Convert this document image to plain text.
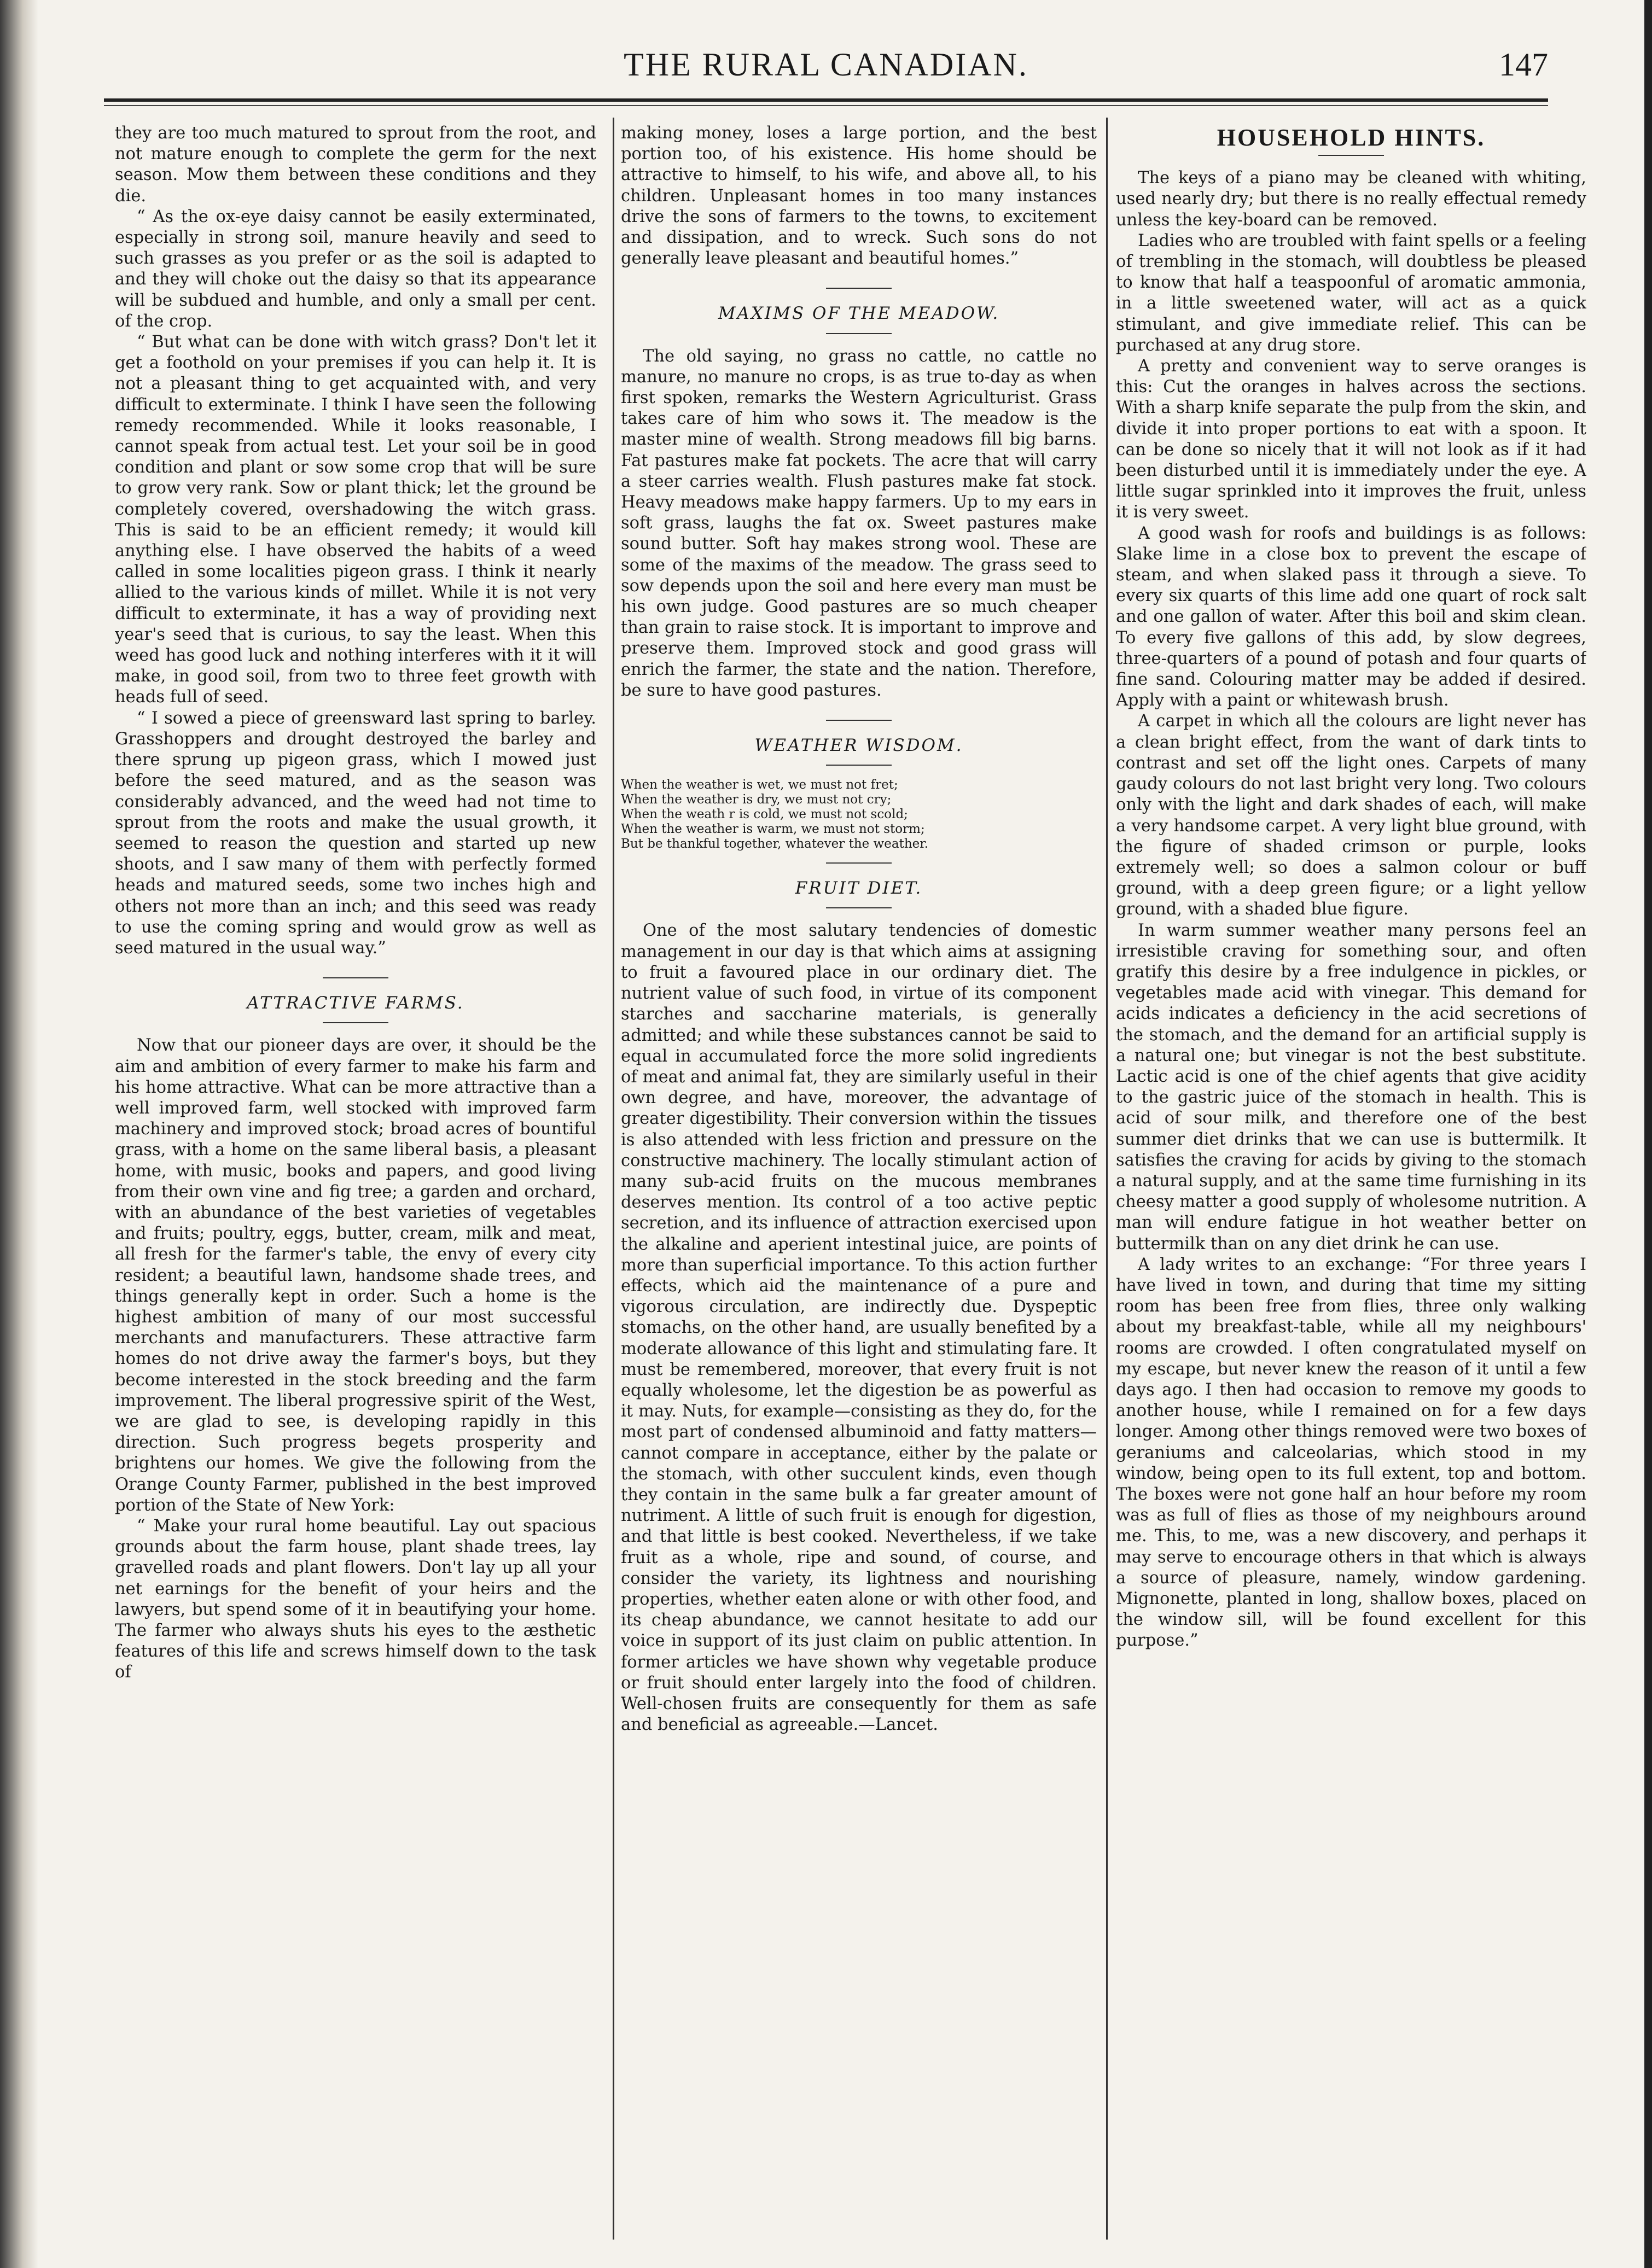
THE RURAL CANADIAN.	147

they are too much matured to sprout from the root, and not mature enough to complete the germ for the next season. Mow them between these conditions and they die.

“ As the ox-eye daisy cannot be easily exterminated, especially in strong soil, manure heavily and seed to such grasses as you prefer or as the soil is adapted to and they will choke out the daisy so that its appearance will be subdued and humble, and only a small per cent. of the crop.

“ But what can be done with witch grass? Don't let it get a foothold on your premises if you can help it. It is not a pleasant thing to get acquainted with, and very difficult to exterminate. I think I have seen the following remedy recommended. While it looks reasonable, I cannot speak from actual test. Let your soil be in good condition and plant or sow some crop that will be sure to grow very rank. Sow or plant thick; let the ground be completely covered, overshadowing the witch grass. This is said to be an efficient remedy; it would kill anything else. I have observed the habits of a weed called in some localities pigeon grass. I think it nearly allied to the various kinds of millet. While it is not very difficult to exterminate, it has a way of providing next year's seed that is curious, to say the least. When this weed has good luck and nothing interferes with it it will make, in good soil, from two to three feet growth with heads full of seed.

“ I sowed a piece of greensward last spring to barley. Grasshoppers and drought destroyed the barley and there sprung up pigeon grass, which I mowed just before the seed matured, and as the season was considerably advanced, and the weed had not time to sprout from the roots and make the usual growth, it seemed to reason the question and started up new shoots, and I saw many of them with perfectly formed heads and matured seeds, some two inches high and others not more than an inch; and this seed was ready to use the coming spring and would grow as well as seed matured in the usual way.”

ATTRACTIVE FARMS.

Now that our pioneer days are over, it should be the aim and ambition of every farmer to make his farm and his home attractive. What can be more attractive than a well improved farm, well stocked with improved farm machinery and improved stock; broad acres of bountiful grass, with a home on the same liberal basis, a pleasant home, with music, books and papers, and good living from their own vine and fig tree; a garden and orchard, with an abundance of the best varieties of vegetables and fruits; poultry, eggs, butter, cream, milk and meat, all fresh for the farmer's table, the envy of every city resident; a beautiful lawn, handsome shade trees, and things generally kept in order. Such a home is the highest ambition of many of our most successful merchants and manufacturers. These attractive farm homes do not drive away the farmer's boys, but they become interested in the stock breeding and the farm improvement. The liberal progressive spirit of the West, we are glad to see, is developing rapidly in this direction. Such progress begets prosperity and brightens our homes. We give the following from the Orange County Farmer, published in the best improved portion of the State of New York:

“ Make your rural home beautiful. Lay out spacious grounds about the farm house, plant shade trees, lay gravelled roads and plant flowers. Don't lay up all your net earnings for the benefit of your heirs and the lawyers, but spend some of it in beautifying your home. The farmer who always shuts his eyes to the æsthetic features of this life and screws himself down to the task of

making money, loses a large portion, and the best portion too, of his existence. His home should be attractive to himself, to his wife, and above all, to his children. Unpleasant homes in too many instances drive the sons of farmers to the towns, to excitement and dissipation, and to wreck. Such sons do not generally leave pleasant and beautiful homes.”

MAXIMS OF THE MEADOW.

The old saying, no grass no cattle, no cattle no manure, no manure no crops, is as true to-day as when first spoken, remarks the Western Agriculturist. Grass takes care of him who sows it. The meadow is the master mine of wealth. Strong meadows fill big barns. Fat pastures make fat pockets. The acre that will carry a steer carries wealth. Flush pastures make fat stock. Heavy meadows make happy farmers. Up to my ears in soft grass, laughs the fat ox. Sweet pastures make sound butter. Soft hay makes strong wool. These are some of the maxims of the meadow. The grass seed to sow depends upon the soil and here every man must be his own judge. Good pastures are so much cheaper than grain to raise stock. It is important to improve and preserve them. Improved stock and good grass will enrich the farmer, the state and the nation. Therefore, be sure to have good pastures.

WEATHER WISDOM.
When the weather is wet, we must not fret;
When the weather is dry, we must not cry;
When the weath r is cold, we must not scold;
When the weather is warm, we must not storm;
But be thankful together, whatever the weather.
FRUIT DIET.

One of the most salutary tendencies of domestic management in our day is that which aims at assigning to fruit a favoured place in our ordinary diet. The nutrient value of such food, in virtue of its component starches and saccharine materials, is generally admitted; and while these substances cannot be said to equal in accumulated force the more solid ingredients of meat and animal fat, they are similarly useful in their own degree, and have, moreover, the advantage of greater digestibility. Their conversion within the tissues is also attended with less friction and pressure on the constructive machinery. The locally stimulant action of many sub-acid fruits on the mucous membranes deserves mention. Its control of a too active peptic secretion, and its influence of attraction exercised upon the alkaline and aperient intestinal juice, are points of more than superficial importance. To this action further effects, which aid the maintenance of a pure and vigorous circulation, are indirectly due. Dyspeptic stomachs, on the other hand, are usually benefited by a moderate allowance of this light and stimulating fare. It must be remembered, moreover, that every fruit is not equally wholesome, let the digestion be as powerful as it may. Nuts, for example—consisting as they do, for the most part of condensed albuminoid and fatty matters—cannot compare in acceptance, either by the palate or the stomach, with other succulent kinds, even though they contain in the same bulk a far greater amount of nutriment. A little of such fruit is enough for digestion, and that little is best cooked. Nevertheless, if we take fruit as a whole, ripe and sound, of course, and consider the variety, its lightness and nourishing properties, whether eaten alone or with other food, and its cheap abundance, we cannot hesitate to add our voice in support of its just claim on public attention. In former articles we have shown why vegetable produce or fruit should enter largely into the food of children. Well-chosen fruits are consequently for them as safe and beneficial as agreeable.—Lancet.

HOUSEHOLD HINTS.

The keys of a piano may be cleaned with whiting, used nearly dry; but there is no really effectual remedy unless the key-board can be removed.

Ladies who are troubled with faint spells or a feeling of trembling in the stomach, will doubtless be pleased to know that half a teaspoonful of aromatic ammonia, in a little sweetened water, will act as a quick stimulant, and give immediate relief. This can be purchased at any drug store.

A pretty and convenient way to serve oranges is this: Cut the oranges in halves across the sections. With a sharp knife separate the pulp from the skin, and divide it into proper portions to eat with a spoon. It can be done so nicely that it will not look as if it had been disturbed until it is immediately under the eye. A little sugar sprinkled into it improves the fruit, unless it is very sweet.

A good wash for roofs and buildings is as follows: Slake lime in a close box to prevent the escape of steam, and when slaked pass it through a sieve. To every six quarts of this lime add one quart of rock salt and one gallon of water. After this boil and skim clean. To every five gallons of this add, by slow degrees, three-quarters of a pound of potash and four quarts of fine sand. Colouring matter may be added if desired. Apply with a paint or whitewash brush.

A carpet in which all the colours are light never has a clean bright effect, from the want of dark tints to contrast and set off the light ones. Carpets of many gaudy colours do not last bright very long. Two colours only with the light and dark shades of each, will make a very handsome carpet. A very light blue ground, with the figure of shaded crimson or purple, looks extremely well; so does a salmon colour or buff ground, with a deep green figure; or a light yellow ground, with a shaded blue figure.

In warm summer weather many persons feel an irresistible craving for something sour, and often gratify this desire by a free indulgence in pickles, or vegetables made acid with vinegar. This demand for acids indicates a deficiency in the acid secretions of the stomach, and the demand for an artificial supply is a natural one; but vinegar is not the best substitute. Lactic acid is one of the chief agents that give acidity to the gastric juice of the stomach in health. This is acid of sour milk, and therefore one of the best summer diet drinks that we can use is buttermilk. It satisfies the craving for acids by giving to the stomach a natural supply, and at the same time furnishing in its cheesy matter a good supply of wholesome nutrition. A man will endure fatigue in hot weather better on buttermilk than on any diet drink he can use.

A lady writes to an exchange: “For three years I have lived in town, and during that time my sitting room has been free from flies, three only walking about my breakfast-table, while all my neighbours' rooms are crowded. I often congratulated myself on my escape, but never knew the reason of it until a few days ago. I then had occasion to remove my goods to another house, while I remained on for a few days longer. Among other things removed were two boxes of geraniums and calceolarias, which stood in my window, being open to its full extent, top and bottom. The boxes were not gone half an hour before my room was as full of flies as those of my neighbours around me. This, to me, was a new discovery, and perhaps it may serve to encourage others in that which is always a source of pleasure, namely, window gardening. Mignonette, planted in long, shallow boxes, placed on the window sill, will be found excellent for this purpose.”
